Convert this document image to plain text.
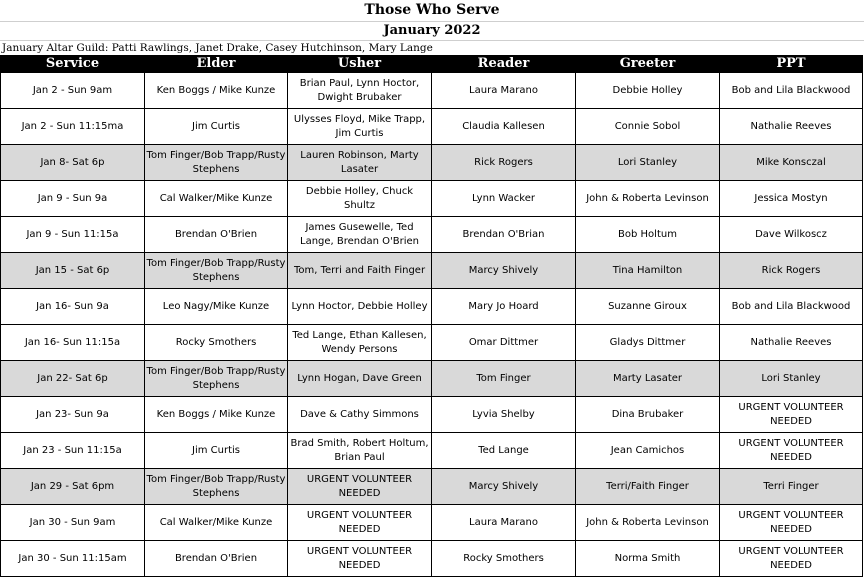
Those Who Serve
January 2022
January Altar Guild: Patti Rawlings, Janet Drake, Casey Hutchinson, Mary Lange
Service	Elder	Usher	Reader	Greeter	PPT
Jan 2 - Sun 9am	Ken Boggs / Mike Kunze	Brian Paul, Lynn Hoctor, Dwight Brubaker	Laura Marano	Debbie Holley	Bob and Lila Blackwood
Jan 2 - Sun 11:15ma	Jim Curtis	Ulysses Floyd, Mike Trapp, Jim Curtis	Claudia Kallesen	Connie Sobol	Nathalie Reeves
Jan 8- Sat 6p	Tom Finger/Bob Trapp/Rusty Stephens	Lauren Robinson, Marty Lasater	Rick Rogers	Lori Stanley	Mike Konsczal
Jan 9 - Sun 9a	Cal Walker/Mike Kunze	Debbie Holley, Chuck Shultz	Lynn Wacker	John & Roberta Levinson	Jessica Mostyn
Jan 9 - Sun 11:15a	Brendan O'Brien	James Gusewelle, Ted Lange, Brendan O'Brien	Brendan O'Brian	Bob Holtum	Dave Wilkoscz
Jan 15 - Sat 6p	Tom Finger/Bob Trapp/Rusty Stephens	Tom, Terri and Faith Finger	Marcy Shively	Tina Hamilton	Rick Rogers
Jan 16- Sun 9a	Leo Nagy/Mike Kunze	Lynn Hoctor, Debbie Holley	Mary Jo Hoard	Suzanne Giroux	Bob and Lila Blackwood
Jan 16- Sun 11:15a	Rocky Smothers	Ted Lange, Ethan Kallesen, Wendy Persons	Omar Dittmer	Gladys Dittmer	Nathalie Reeves
Jan 22- Sat 6p	Tom Finger/Bob Trapp/Rusty Stephens	Lynn Hogan, Dave Green	Tom Finger	Marty Lasater	Lori Stanley
Jan 23- Sun 9a	Ken Boggs / Mike Kunze	Dave & Cathy Simmons	Lyvia Shelby	Dina Brubaker	URGENT VOLUNTEER NEEDED
Jan 23 - Sun 11:15a	Jim Curtis	Brad Smith, Robert Holtum, Brian Paul	Ted Lange	Jean Camichos	URGENT VOLUNTEER NEEDED
Jan 29 - Sat 6pm	Tom Finger/Bob Trapp/Rusty Stephens	URGENT VOLUNTEER NEEDED	Marcy Shively	Terri/Faith Finger	Terri Finger
Jan 30 - Sun 9am	Cal Walker/Mike Kunze	URGENT VOLUNTEER NEEDED	Laura Marano	John & Roberta Levinson	URGENT VOLUNTEER NEEDED
Jan 30 - Sun 11:15am	Brendan O'Brien	URGENT VOLUNTEER NEEDED	Rocky Smothers	Norma Smith	URGENT VOLUNTEER NEEDED
